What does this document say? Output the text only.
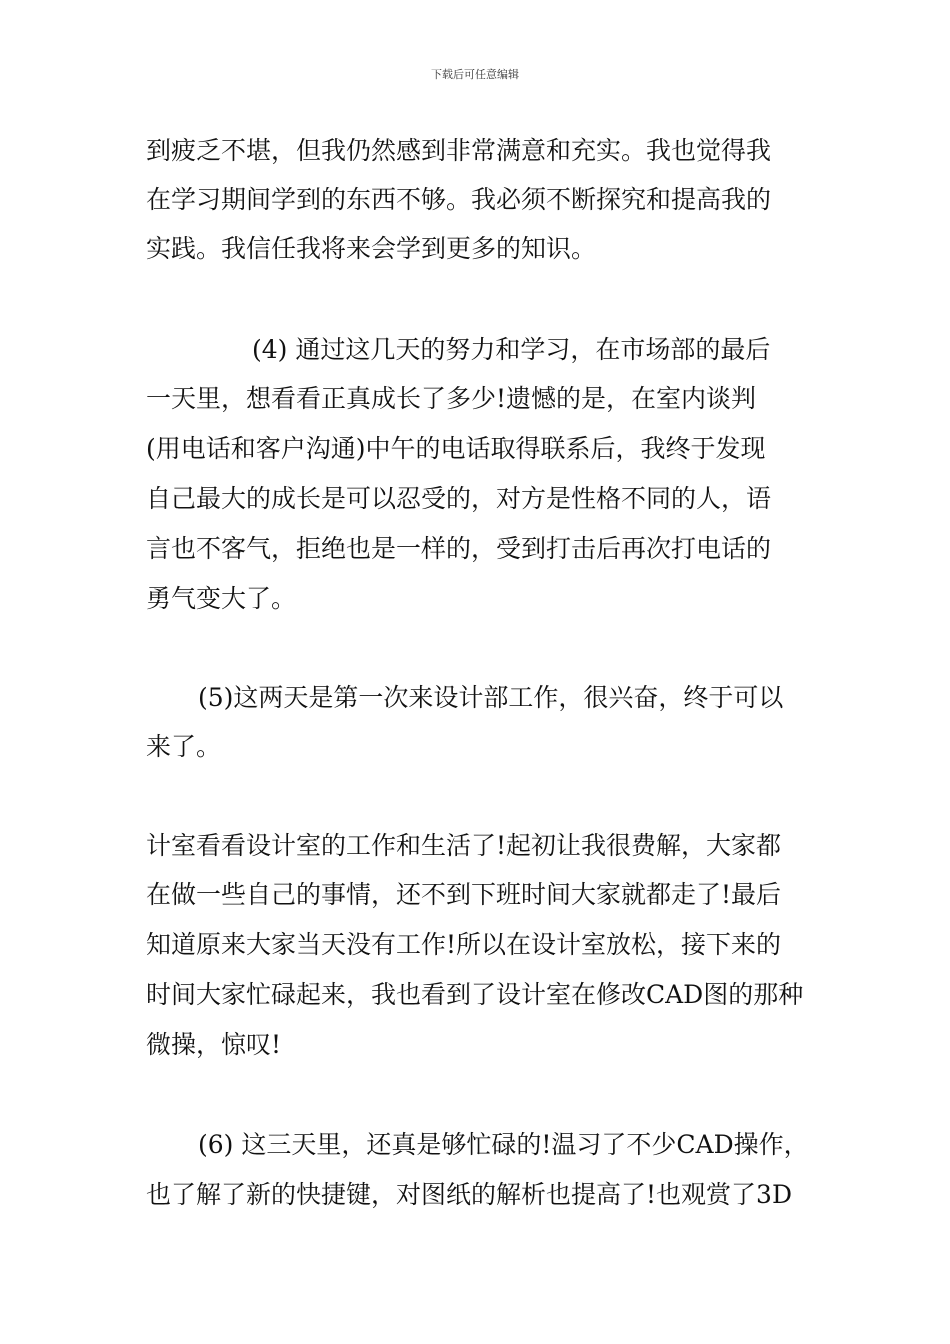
下载后可任意编辑
到疲乏不堪，但我仍然感到非常满意和充实。我也觉得我
在学习期间学到的东西不够。我必须不断探究和提高我的
实践。我信任我将来会学到更多的知识。
(4) 通过这几天的努力和学习，在市场部的最后
一天里，想看看正真成长了多少!遗憾的是，在室内谈判
(用电话和客户沟通)中午的电话取得联系后，我终于发现
自己最大的成长是可以忍受的，对方是性格不同的人，语
言也不客气，拒绝也是一样的，受到打击后再次打电话的
勇气变大了。
(5)这两天是第一次来设计部工作，很兴奋，终于可以
来了。
计室看看设计室的工作和生活了!起初让我很费解，大家都
在做一些自己的事情，还不到下班时间大家就都走了!最后
知道原来大家当天没有工作!所以在设计室放松，接下来的
时间大家忙碌起来，我也看到了设计室在修改CAD图的那种
微操，惊叹!
(6) 这三天里，还真是够忙碌的!温习了不少CAD操作，
也了解了新的快捷键，对图纸的解析也提高了!也观赏了3D
